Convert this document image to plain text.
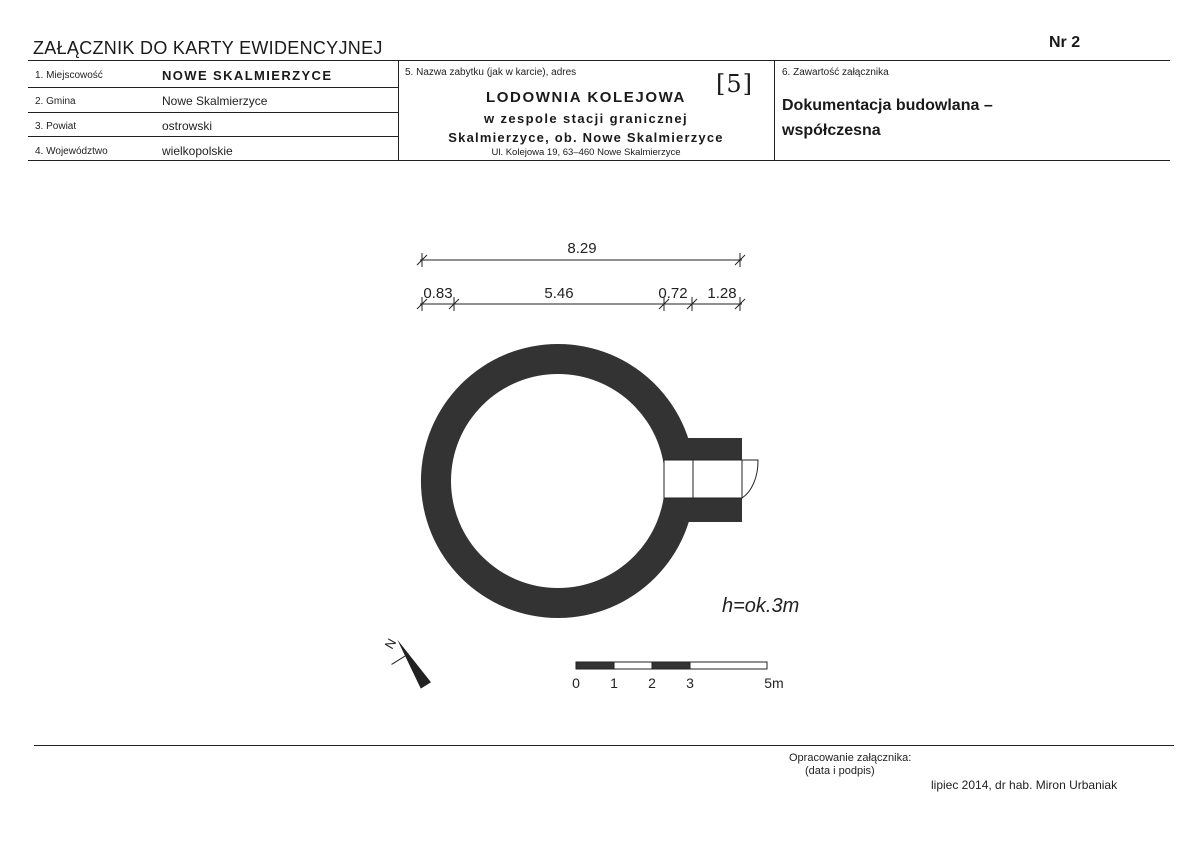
ZAŁĄCZNIK DO KARTY EWIDENCYJNEJ	Nr 2
1. Miejscowość	NOWE SKALMIERZYCE
2. Gmina	Nowe Skalmierzyce
3. Powiat	ostrowski
4. Województwo	wielkopolskie
5. Nazwa zabytku (jak w karcie), adres
LODOWNIA KOLEJOWA
w zespole stacji granicznej
Skalmierzyce, ob. Nowe Skalmierzyce
Ul. Kolejowa 19, 63–460 Nowe Skalmierzyce
[5]	6. Zawartość załącznika
Dokumentacja budowlana –
współczesna
8.29
0.83	5.46	0.72 1.28
N
0 1 2 3	5m
h=ok.3m
Opracowanie załącznika:
(data i podpis)
lipiec 2014, dr hab. Miron Urbaniak
